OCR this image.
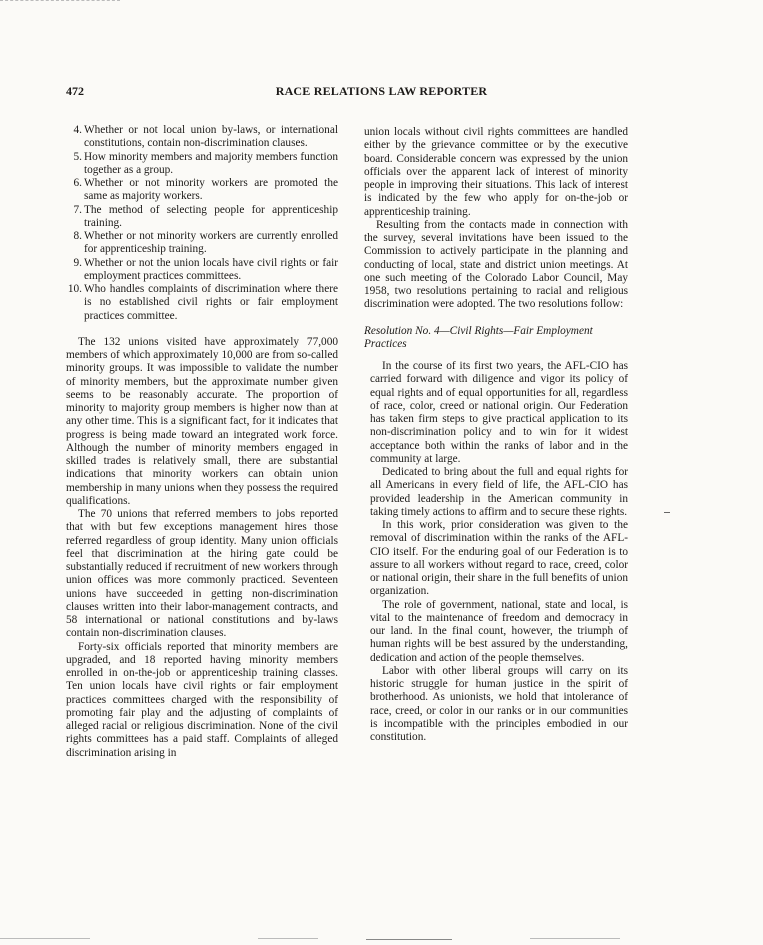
472	RACE RELATIONS LAW REPORTER
4. Whether or not local union by-laws, or international constitutions, contain non-discrimination clauses.
5. How minority members and majority members function together as a group.
6. Whether or not minority workers are promoted the same as majority workers.
7. The method of selecting people for apprenticeship training.
8. Whether or not minority workers are currently enrolled for apprenticeship training.
9. Whether or not the union locals have civil rights or fair employment practices committees.
10. Who handles complaints of discrimination where there is no established civil rights or fair employment practices committee.

The 132 unions visited have approximately 77,000 members of which approximately 10,000 are from so-called minority groups. It was impossible to validate the number of minority members, but the approximate number given seems to be reasonably accurate. The proportion of minority to majority group members is higher now than at any other time. This is a significant fact, for it indicates that progress is being made toward an integrated work force. Although the number of minority members engaged in skilled trades is relatively small, there are substantial indications that minority workers can obtain union membership in many unions when they possess the required qualifications.

The 70 unions that referred members to jobs reported that with but few exceptions management hires those referred regardless of group identity. Many union officials feel that discrimination at the hiring gate could be substantially reduced if recruitment of new workers through union offices was more commonly practiced. Seventeen unions have succeeded in getting non-discrimination clauses written into their labor-management contracts, and 58 international or national constitutions and by-laws contain non-discrimination clauses.

Forty-six officials reported that minority members are upgraded, and 18 reported having minority members enrolled in on-the-job or apprenticeship training classes. Ten union locals have civil rights or fair employment practices committees charged with the responsibility of promoting fair play and the adjusting of complaints of alleged racial or religious discrimination. None of the civil rights committees has a paid staff. Complaints of alleged discrimination arising in

union locals without civil rights committees are handled either by the grievance committee or by the executive board. Considerable concern was expressed by the union officials over the apparent lack of interest of minority people in improving their situations. This lack of interest is indicated by the few who apply for on-the-job or apprenticeship training.

Resulting from the contacts made in connection with the survey, several invitations have been issued to the Commission to actively participate in the planning and conducting of local, state and district union meetings. At one such meeting of the Colorado Labor Council, May 1958, two resolutions pertaining to racial and religious discrimination were adopted. The two resolutions follow:

Resolution No. 4—Civil Rights—Fair Employment Practices

In the course of its first two years, the AFL-CIO has carried forward with diligence and vigor its policy of equal rights and of equal opportunities for all, regardless of race, color, creed or national origin. Our Federation has taken firm steps to give practical application to its non-discrimination policy and to win for it widest acceptance both within the ranks of labor and in the community at large.

Dedicated to bring about the full and equal rights for all Americans in every field of life, the AFL-CIO has provided leadership in the American community in taking timely actions to affirm and to secure these rights.

In this work, prior consideration was given to the removal of discrimination within the ranks of the AFL-CIO itself. For the enduring goal of our Federation is to assure to all workers without regard to race, creed, color or national origin, their share in the full benefits of union organization.

The role of government, national, state and local, is vital to the maintenance of freedom and democracy in our land. In the final count, however, the triumph of human rights will be best assured by the understanding, dedication and action of the people themselves.

Labor with other liberal groups will carry on its historic struggle for human justice in the spirit of brotherhood. As unionists, we hold that intolerance of race, creed, or color in our ranks or in our communities is incompatible with the principles embodied in our constitution.
